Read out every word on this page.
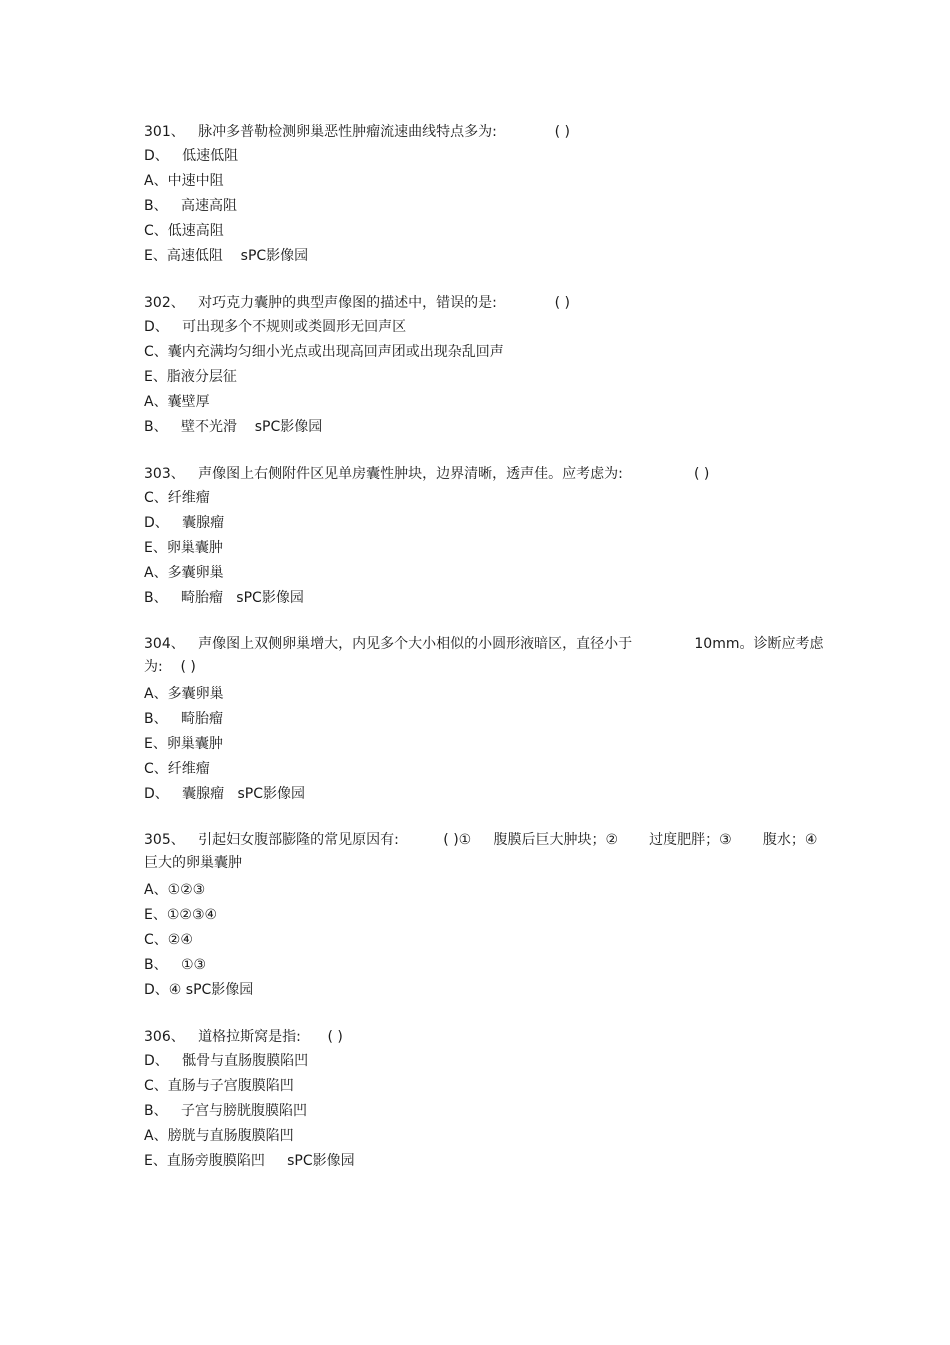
301、   脉冲多普勒检测卵巢恶性肿瘤流速曲线特点多为:             ( )

D、   低速低阻

A、中速中阻

B、   高速高阻

C、低速高阻

E、高速低阻    sPC影像园

302、   对巧克力囊肿的典型声像图的描述中，错误的是:             ( )

D、   可出现多个不规则或类圆形无回声区

C、囊内充满均匀细小光点或出现高回声团或出现杂乱回声

E、脂液分层征

A、囊壁厚

B、   壁不光滑    sPC影像园

303、   声像图上右侧附件区见单房囊性肿块，边界清晰，透声佳。应考虑为:                ( )

C、纤维瘤

D、   囊腺瘤

E、卵巢囊肿

A、多囊卵巢

B、   畸胎瘤   sPC影像园

304、   声像图上双侧卵巢增大，内见多个大小相似的小圆形液暗区，直径小于              10mm。诊断应考虑为:    ( )

A、多囊卵巢

B、   畸胎瘤

E、卵巢囊肿

C、纤维瘤

D、   囊腺瘤   sPC影像园

305、   引起妇女腹部膨隆的常见原因有:          ( )①     腹膜后巨大肿块；②       过度肥胖；③       腹水；④   巨大的卵巢囊肿

A、①②③

E、①②③④

C、②④

B、   ①③

D、④ sPC影像园

306、   道格拉斯窝是指:      ( )

D、   骶骨与直肠腹膜陷凹

C、直肠与子宫腹膜陷凹

B、   子宫与膀胱腹膜陷凹

A、膀胱与直肠腹膜陷凹

E、直肠旁腹膜陷凹     sPC影像园
